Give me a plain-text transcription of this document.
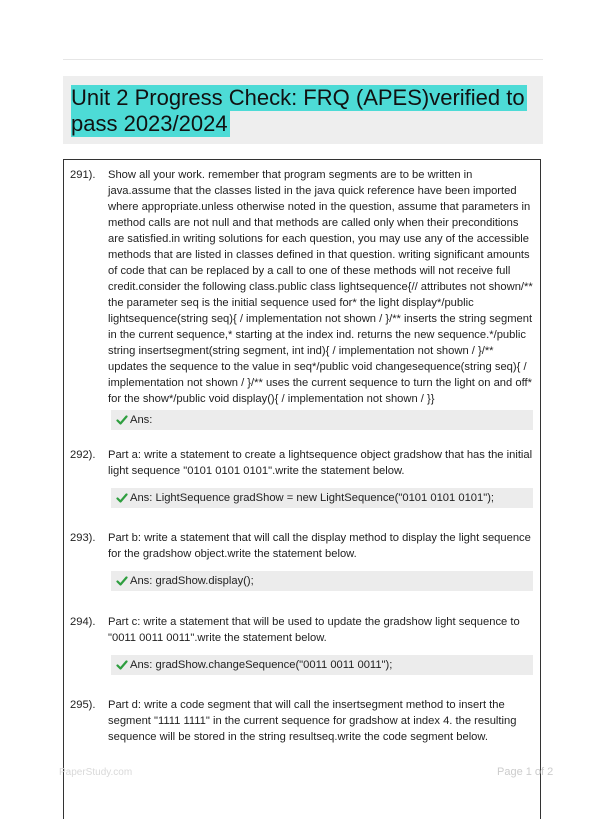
Unit 2 Progress Check: FRQ (APES)verified to pass 2023/2024
291).	Show all your work. remember that program segments are to be written in java.assume that the classes listed in the java quick reference have been imported where appropriate.unless otherwise noted in the question, assume that parameters in method calls are not null and that methods are called only when their preconditions are satisfied.in writing solutions for each question, you may use any of the accessible methods that are listed in classes defined in that question. writing significant amounts of code that can be replaced by a call to one of these methods will not receive full credit.consider the following class.public class lightsequence{// attributes not shown/** the parameter seq is the initial sequence used for* the light display*/public lightsequence(string seq){ / implementation not shown / }/** inserts the string segment in the current sequence,* starting at the index ind. returns the new sequence.*/public string insertsegment(string segment, int ind){ / implementation not shown / }/** updates the sequence to the value in seq*/public void changesequence(string seq){ / implementation not shown / }/** uses the current sequence to turn the light on and off* for the show*/public void display(){ / implementation not shown / }}
Ans:
292).	Part a: write a statement to create a lightsequence object gradshow that has the initial light sequence "0101 0101 0101".write the statement below.
Ans: LightSequence gradShow = new LightSequence("0101 0101 0101");
293).	Part b: write a statement that will call the display method to display the light sequence for the gradshow object.write the statement below.
Ans: gradShow.display();
294).	Part c: write a statement that will be used to update the gradshow light sequence to "0011 0011 0011".write the statement below.
Ans: gradShow.changeSequence("0011 0011 0011");
295).	Part d: write a code segment that will call the insertsegment method to insert the segment "1111 1111" in the current sequence for gradshow at index 4. the resulting sequence will be stored in the string resultseq.write the code segment below.
PaperStudy.com	Page 1 of 2
